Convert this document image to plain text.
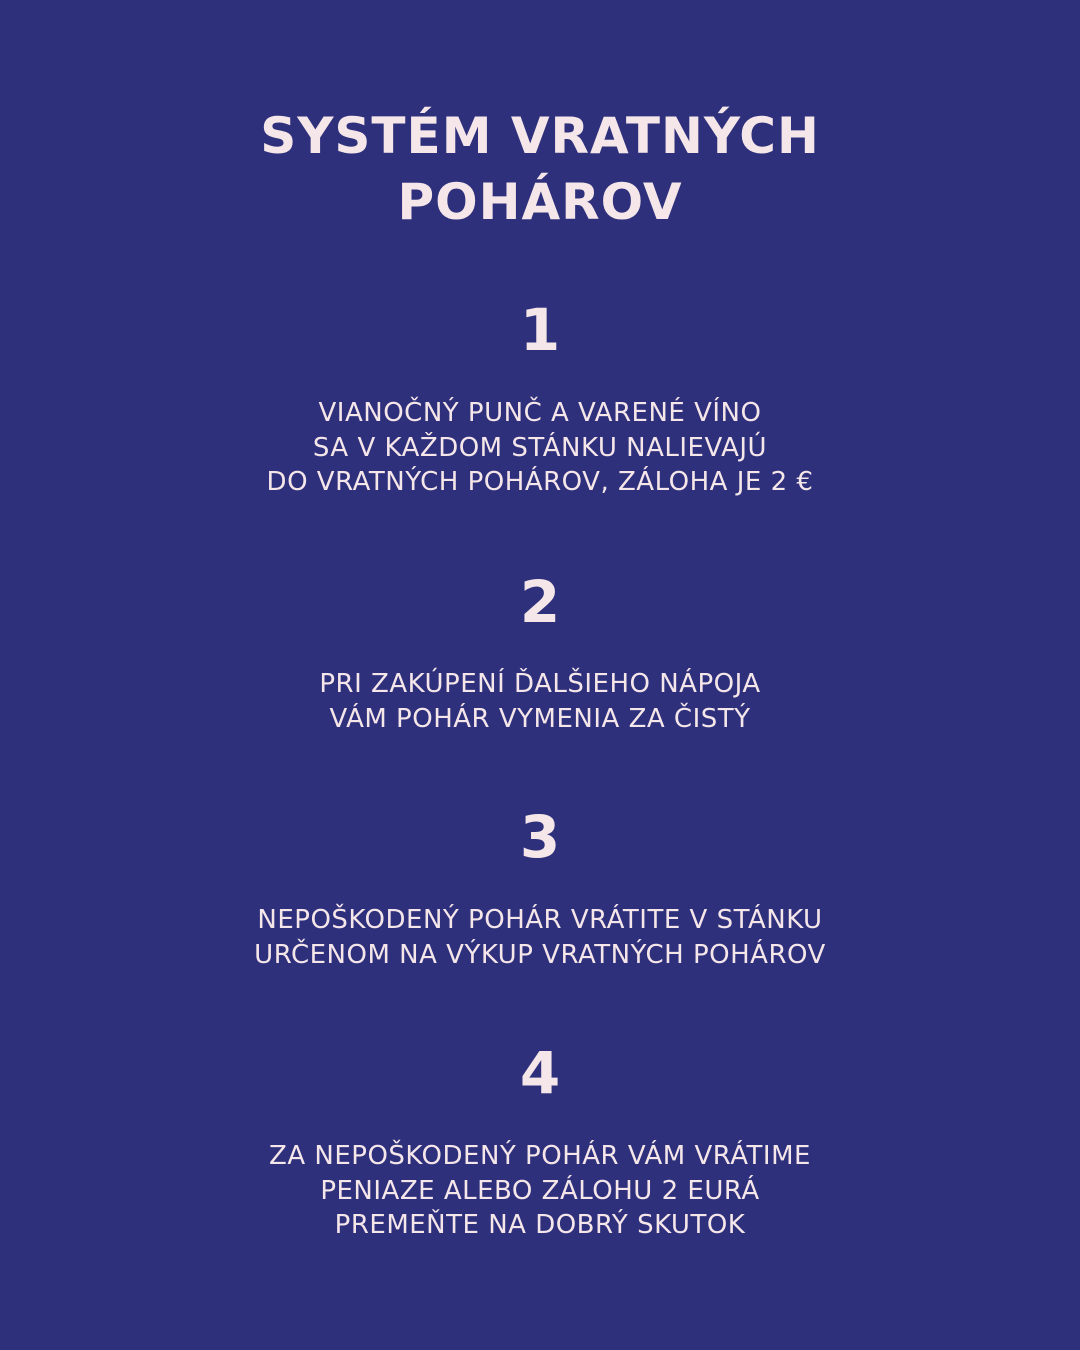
SYSTÉM VRATNÝCH
POHÁROV
1
VIANOČNÝ PUNČ A VARENÉ VÍNO
SA V KAŽDOM STÁNKU NALIEVAJÚ
DO VRATNÝCH POHÁROV, ZÁLOHA JE 2 €
2
PRI ZAKÚPENÍ ĎALŠIEHO NÁPOJA
VÁM POHÁR VYMENIA ZA ČISTÝ
3
NEPOŠKODENÝ POHÁR VRÁTITE V STÁNKU
URČENOM NA VÝKUP VRATNÝCH POHÁROV
4
ZA NEPOŠKODENÝ POHÁR VÁM VRÁTIME
PENIAZE ALEBO ZÁLOHU 2 EURÁ
PREMEŇTE NA DOBRÝ SKUTOK
